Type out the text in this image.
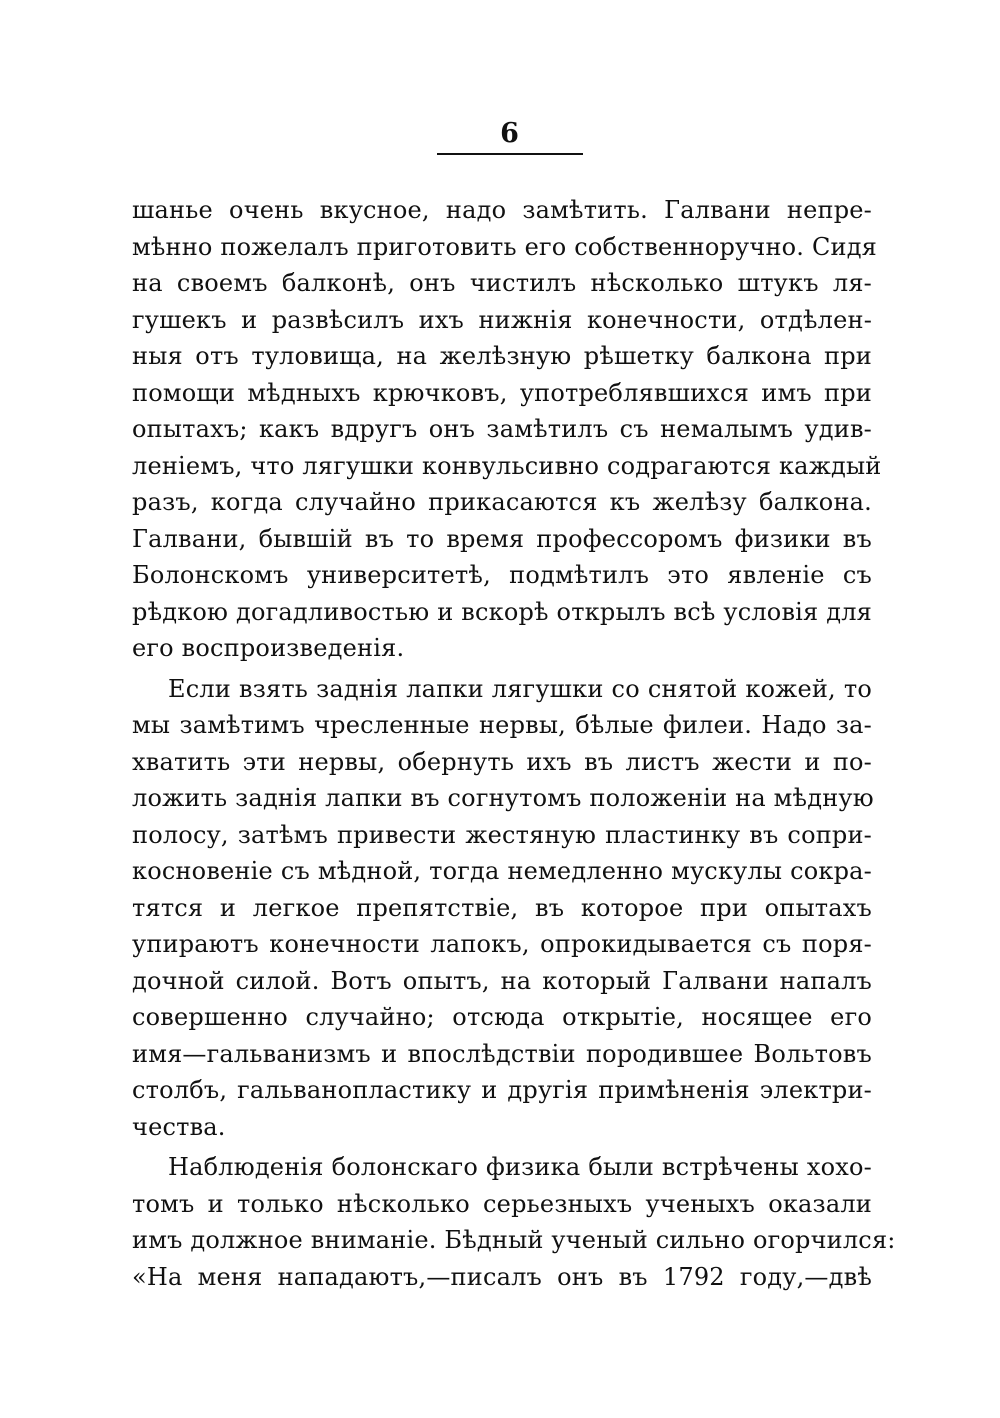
6
шанье очень вкусное, надо замѣтить. Галвани непре-
мѣнно пожелалъ приготовить его собственноручно. Сидя
на своемъ балконѣ, онъ чистилъ нѣсколько штукъ ля-
гушекъ и развѣсилъ ихъ нижнія конечности, отдѣлен-
ныя отъ туловища, на желѣзную рѣшетку балкона при
помощи мѣдныхъ крючковъ, употреблявшихся имъ при
опытахъ; какъ вдругъ онъ замѣтилъ съ немалымъ удив-
леніемъ, что лягушки конвульсивно содрагаются каждый
разъ, когда случайно прикасаются къ желѣзу балкона.
Галвани, бывшій въ то время профессоромъ физики въ
Болонскомъ университетѣ, подмѣтилъ это явленіе съ
рѣдкою догадливостью и вскорѣ открылъ всѣ условія для
его воспроизведенія.
Если взять заднія лапки лягушки со снятой кожей, то
мы замѣтимъ чресленные нервы, бѣлые филеи. Надо за-
хватить эти нервы, обернуть ихъ въ листъ жести и по-
ложить заднія лапки въ согнутомъ положеніи на мѣдную
полосу, затѣмъ привести жестяную пластинку въ сопри-
косновеніе съ мѣдной, тогда немедленно мускулы сокра-
тятся и легкое препятствіе, въ которое при опытахъ
упираютъ конечности лапокъ, опрокидывается съ поря-
дочной силой. Вотъ опытъ, на который Галвани напалъ
совершенно случайно; отсюда открытіе, носящее его
имя—гальванизмъ и впослѣдствіи породившее Вольтовъ
столбъ, гальванопластику и другія примѣненія электри-
чества.
Наблюденія болонскаго физика были встрѣчены хохо-
томъ и только нѣсколько серьезныхъ ученыхъ оказали
имъ должное вниманіе. Бѣдный ученый сильно огорчился:
«На меня нападаютъ,—писалъ онъ въ 1792 году,—двѣ
